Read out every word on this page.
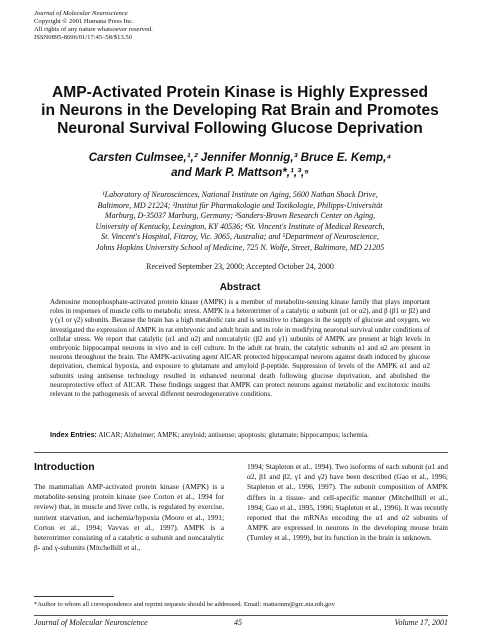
Journal of Molecular Neuroscience
Copyright © 2001 Humana Press Inc.
All rights of any nature whatsoever reserved.
ISSN0895-8696/01/17:45–58/$13.50
AMP-Activated Protein Kinase is Highly Expressed
in Neurons in the Developing Rat Brain and Promotes
Neuronal Survival Following Glucose Deprivation
Carsten Culmsee,¹,² Jennifer Monnig,³ Bruce E. Kemp,⁴
and Mark P. Mattson*,¹,³,⁵
¹Laboratory of Neurosciences, National Institute on Aging, 5600 Nathan Shock Drive,
Baltimore, MD 21224; ²Institut für Pharmakologie und Toxikologie, Philipps-Universität
Marburg, D-35037 Marburg, Germany; ³Sanders-Brown Research Center on Aging,
University of Kentucky, Lexington, KY 40536; ⁴St. Vincent's Institute of Medical Research,
St. Vincent's Hospital, Fitzroy, Vic. 3065, Australia; and ⁵Department of Neuroscience,
Johns Hopkins University School of Medicine, 725 N. Wolfe, Street, Baltimore, MD 21205
Received September 23, 2000; Accepted October 24, 2000
Abstract
Adenosine monophosphate-activated protein kinase (AMPK) is a member of metabolite-sensing kinase family that plays important roles in responses of muscle cells to metabolic stress. AMPK is a heterotrimer of a catalytic α subunit (α1 or α2), and β (β1 or β2) and γ (γ1 or γ2) subunits. Because the brain has a high metabolic rate and is sensitive to changes in the supply of glucose and oxygen, we investigated the expression of AMPK in rat embryonic and adult brain and its role in modifying neuronal survival under conditions of cellular stress. We report that catalytic (α1 and α2) and noncatalytic (β2 and γ1) subunits of AMPK are present at high levels in embryonic hippocampal neurons in vivo and in cell culture. In the adult rat brain, the catalytic subunits α1 and α2 are present in neurons throughout the brain. The AMPK-activating agent AICAR protected hippocampal neurons against death induced by glucose deprivation, chemical hypoxia, and exposure to glutamate and amyloid β-peptide. Suppression of levels of the AMPK α1 and α2 subunits using antisense technology resulted in enhanced neuronal death following glucose deprivation, and abolished the neuroprotective effect of AICAR. These findings suggest that AMPK can protect neurons against metabolic and excitotoxic insults relevant to the pathogenesis of several different neurodegenerative conditions.
Index Entries: AICAR; Alzheimer; AMPK; amyloid; antisense; apoptosis; glutamate; hippocampus; ischemia.
Introduction
The mammalian AMP-activated protein kinase (AMPK) is a metabolite-sensing protein kinase (see Corton et al., 1994 for review) that, in muscle and liver cells, is regulated by exercise, nutrient starvation, and ischemia/hypoxia (Moore et al., 1991; Corton et al., 1994; Vavvas et al., 1997). AMPK is a heterotrimer consisting of a catalytic α subunit and noncatalytic β- and γ-subunits (Mitchelhill et al.,
1994; Stapleton et al., 1994). Two isoforms of each subunit (α1 and α2, β1 and β2, γ1 and γ2) have been described (Gao et al., 1996; Stapleton et al., 1996, 1997). The subunit composition of AMPK differs in a tissue- and cell-specific manner (Mitchellhill et al., 1994; Gao et al., 1995, 1996; Stapleton et al., 1996). It was recently reported that the mRNAs encoding the α1 and α2 subunits of AMPK are expressed in neurons in the developing mouse brain (Turnley et al., 1999), but its function in the brain is unknown.
*Author to whom all correspondence and reprint requests should be addressed. Email: mattsonm@grc.nia.nih.gov
Journal of Molecular Neuroscience	45	Volume 17, 2001
